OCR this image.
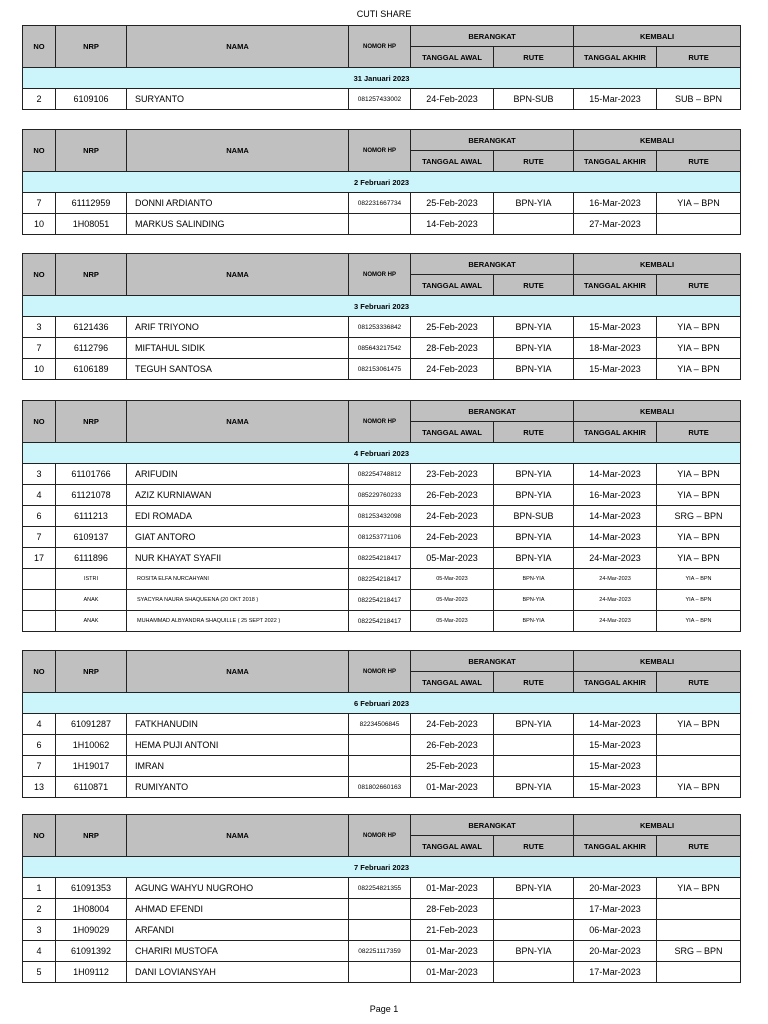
CUTI SHARE
NO	NRP	NAMA	NOMOR HP	BERANGKAT		KEMBALI	
				TANGGAL AWAL	RUTE	TANGGAL AKHIR	RUTE
31 Januari 2023							
2	6109106	SURYANTO	081257433002	24-Feb-2023	BPN-SUB	15-Mar-2023	SUB – BPN
NO	NRP	NAMA	NOMOR HP	BERANGKAT		KEMBALI	
				TANGGAL AWAL	RUTE	TANGGAL AKHIR	RUTE
2 Februari 2023							
7	61112959	DONNI ARDIANTO	082231667734	25-Feb-2023	BPN-YIA	16-Mar-2023	YIA – BPN
10	1H08051	MARKUS SALINDING		14-Feb-2023		27-Mar-2023	
NO	NRP	NAMA	NOMOR HP	BERANGKAT		KEMBALI	
				TANGGAL AWAL	RUTE	TANGGAL AKHIR	RUTE
3 Februari 2023							
3	6121436	ARIF TRIYONO	081253336842	25-Feb-2023	BPN-YIA	15-Mar-2023	YIA – BPN
7	6112796	MIFTAHUL SIDIK	085643217542	28-Feb-2023	BPN-YIA	18-Mar-2023	YIA – BPN
10	6106189	TEGUH SANTOSA	082153061475	24-Feb-2023	BPN-YIA	15-Mar-2023	YIA – BPN
NO	NRP	NAMA	NOMOR HP	BERANGKAT		KEMBALI	
				TANGGAL AWAL	RUTE	TANGGAL AKHIR	RUTE
4 Februari 2023							
3	61101766	ARIFUDIN	082254748812	23-Feb-2023	BPN-YIA	14-Mar-2023	YIA – BPN
4	61121078	AZIZ KURNIAWAN	085229760233	26-Feb-2023	BPN-YIA	16-Mar-2023	YIA – BPN
6	6111213	EDI ROMADA	081253432098	24-Feb-2023	BPN-SUB	14-Mar-2023	SRG – BPN
7	6109137	GIAT ANTORO	081253771106	24-Feb-2023	BPN-YIA	14-Mar-2023	YIA – BPN
17	6111896	NUR KHAYAT SYAFII	082254218417	05-Mar-2023	BPN-YIA	24-Mar-2023	YIA – BPN
	ISTRI	ROSITA ELFA NURCAHYANI	082254218417	05-Mar-2023	BPN-YIA	24-Mar-2023	YIA – BPN
	ANAK	SYACYRA NAURA SHAQUEENA (20 OKT 2018 )	082254218417	05-Mar-2023	BPN-YIA	24-Mar-2023	YIA – BPN
	ANAK	MUHAMMAD ALBYANDRA SHAQUILLE ( 25 SEPT 2022 )	082254218417	05-Mar-2023	BPN-YIA	24-Mar-2023	YIA – BPN
NO	NRP	NAMA	NOMOR HP	BERANGKAT		KEMBALI	
				TANGGAL AWAL	RUTE	TANGGAL AKHIR	RUTE
6 Februari 2023							
4	61091287	FATKHANUDIN	82234506845	24-Feb-2023	BPN-YIA	14-Mar-2023	YIA – BPN
6	1H10062	HEMA PUJI ANTONI		26-Feb-2023		15-Mar-2023	
7	1H19017	IMRAN		25-Feb-2023		15-Mar-2023	
13	6110871	RUMIYANTO	081802660163	01-Mar-2023	BPN-YIA	15-Mar-2023	YIA – BPN
NO	NRP	NAMA	NOMOR HP	BERANGKAT		KEMBALI	
				TANGGAL AWAL	RUTE	TANGGAL AKHIR	RUTE
7 Februari 2023							
1	61091353	AGUNG WAHYU NUGROHO	082254821355	01-Mar-2023	BPN-YIA	20-Mar-2023	YIA – BPN
2	1H08004	AHMAD EFENDI		28-Feb-2023		17-Mar-2023	
3	1H09029	ARFANDI		21-Feb-2023		06-Mar-2023	
4	61091392	CHARIRI MUSTOFA	082251117359	01-Mar-2023	BPN-YIA	20-Mar-2023	SRG – BPN
5	1H09112	DANI LOVIANSYAH		01-Mar-2023		17-Mar-2023	
Page 1
